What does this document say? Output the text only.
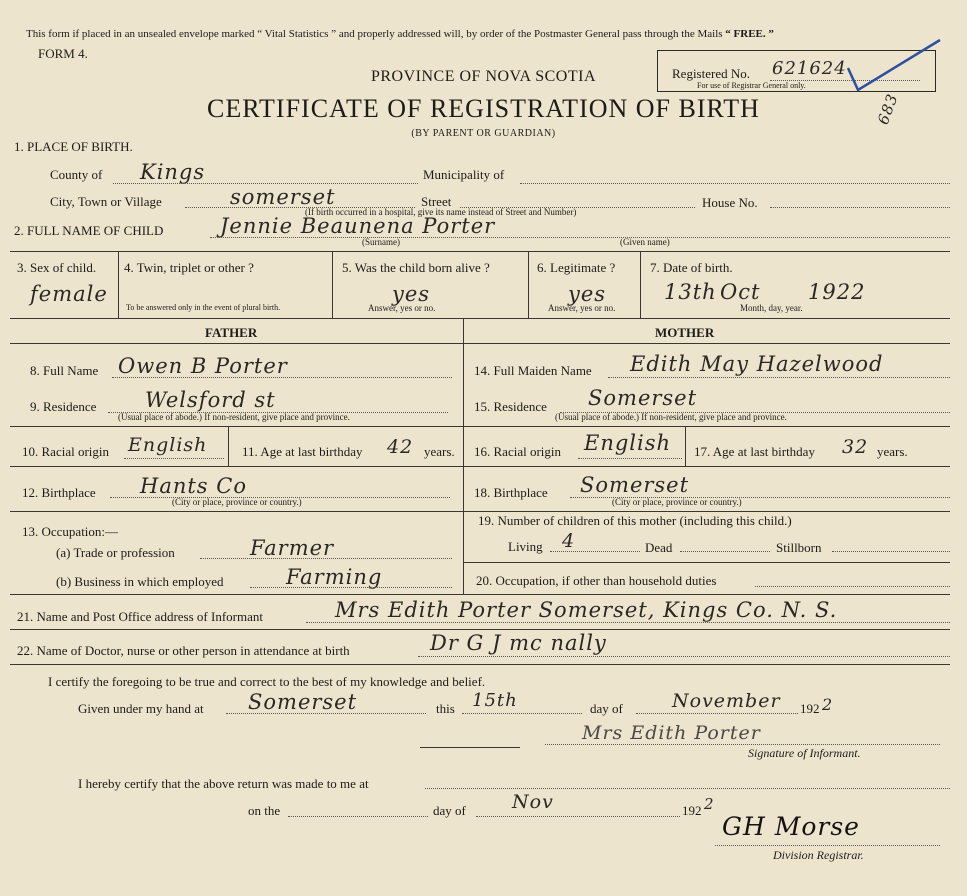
This form if placed in an unsealed envelope marked “ Vital Statistics ” and properly addressed will, by order of the Postmaster General pass through the Mails “ FREE. ”
FORM 4.
PROVINCE OF NOVA SCOTIA
CERTIFICATE OF REGISTRATION OF BIRTH
(BY PARENT OR GUARDIAN)
Registered No. 621624
For use of Registrar General only.
683
1. PLACE OF BIRTH.
County of Kings	Municipality of
City, Town or Village	somerset	Street	House No.
(If birth occurred in a hospital, give its name instead of Street and Number)
2. FULL NAME OF CHILD	Jennie Beaunena Porter
(Surname)	(Given name)
3. Sex of child.
female
4. Twin, triplet or other ?
To be answered only in the event of plural birth.
5. Was the child born alive ?
yes
Answer, yes or no.
6. Legitimate ?
yes
Answer, yes or no.
7. Date of birth.
13th Oct 1922
Month, day, year.
FATHER	MOTHER
8. Full Name Owen B Porter
9. Residence Welsford st
(Usual place of abode.) If non-resident, give place and province.
10. Racial origin English	11. Age at last birthday 42 years.
12. Birthplace Hants Co
(City or place, province or country.)
13. Occupation:—
(a) Trade or profession	Farmer
(b) Business in which employed	Farming
14. Full Maiden Name Edith May Hazelwood
15. Residence Somerset
(Usual place of abode.) If non-resident, give place and province.
16. Racial origin English 17. Age at last birthday 32 years.
18. Birthplace Somerset
(City or place, province or country.)
19. Number of children of this mother (including this child.)
Living 4	Dead	Stillborn
20. Occupation, if other than household duties
21. Name and Post Office address of Informant	Mrs Edith Porter Somerset, Kings Co. N. S.
22. Name of Doctor, nurse or other person in attendance at birth	Dr G J mc nally
I certify the foregoing to be true and correct to the best of my knowledge and belief.
Given under my hand at Somerset	this 15th	day of	November 192 2
Mrs Edith Porter
Signature of Informant.
I hereby certify that the above return was made to me at
on the	day of Nov	192 2
GH Morse
Division Registrar.
